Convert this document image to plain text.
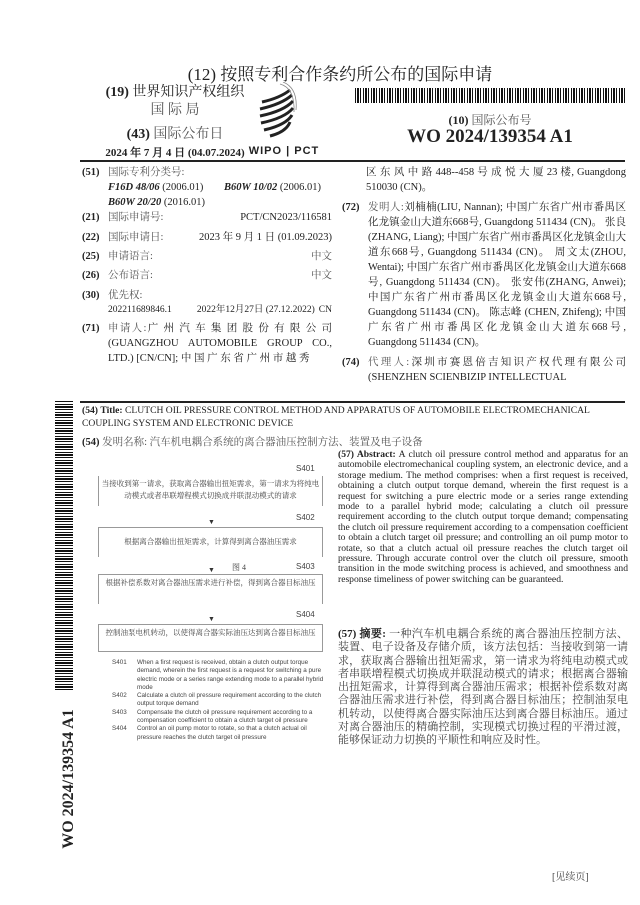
(12) 按照专利合作条约所公布的国际申请
(19) 世界知识产权组织
国 际 局
(43) 国际公布日
2024 年 7 月 4 日 (04.07.2024) WIPO | PCT
(10) 国际公布号
WO 2024/139354 A1
(51) 国际专利分类号:
F16D 48/06 (2006.01) B60W 10/02 (2006.01)
B60W 20/20 (2016.01)
(21) 国际申请号:	PCT/CN2023/116581
(22) 国际申请日:	2023 年 9 月 1 日 (01.09.2023)
(25) 申请语言:	中文
(26) 公布语言:	中文
(30) 优先权:

202211689846.1	2022年12月27日 (27.12.2022) CN
(71) 申请人:广 州 汽 车 集 团 股 份 有 限 公 司 (GUANGZHOU AUTOMOBILE GROUP CO., LTD.) [CN/CN]; 中 国 广 东 省 广 州 市 越 秀
区 东 风 中 路 448--458 号 成 悦 大 厦 23 楼, Guangdong 510030 (CN)。
(72) 发明人:刘楠楠(LIU, Nannan); 中国广东省广州市番禺区化龙镇金山大道东668号, Guangdong 511434 (CN)。 张良 (ZHANG, Liang); 中国广东省广州市番禺区化龙镇金山大道东668号, Guangdong 511434 (CN)。 周文太(ZHOU, Wentai); 中国广东省广州市番禺区化龙镇金山大道东668号, Guangdong 511434 (CN)。 张安伟(ZHANG, Anwei); 中国广东省广州市番禺区化龙镇金山大道东668号, Guangdong 511434 (CN)。 陈志峰 (CHEN, Zhifeng); 中国广东省广州市番禺区化龙镇金山大道东668号, Guangdong 511434 (CN)。
(74) 代理人:深圳市赛恩倍吉知识产权代理有限公司(SHENZHEN SCIENBIZIP INTELLECTUAL
WO 2024/139354 A1
(54) Title: CLUTCH OIL PRESSURE CONTROL METHOD AND APPARATUS OF AUTOMOBILE ELECTROMECHANICAL COUPLING SYSTEM AND ELECTRONIC DEVICE
(54) 发明名称: 汽车机电耦合系统的离合器油压控制方法、装置及电子设备
S401
当接收到第一请求，获取离合器输出扭矩需求，第一请求为将纯电动模式或者串联增程模式切换成并联混动模式的请求
▼	S402
根据离合器输出扭矩需求，计算得到离合器油压需求
图 4
▼	S403
根据补偿系数对离合器油压需求进行补偿，得到离合器目标油压
▼	S404
控制油泵电机转动，以使得离合器实际油压达到离合器目标油压
S401	When a first request is received, obtain a clutch output torque demand, wherein the first request is a request for switching a pure electric mode or a series range extending mode to a parallel hybrid mode
S402	Calculate a clutch oil pressure requirement according to the clutch output torque demand
S403	Compensate the clutch oil pressure requirement according to a compensation coefficient to obtain a clutch target oil pressure
S404	Control an oil pump motor to rotate, so that a clutch actual oil pressure reaches the clutch target oil pressure
(57) Abstract: A clutch oil pressure control method and apparatus for an automobile electromechanical coupling system, an electronic device, and a storage medium. The method comprises: when a first request is received, obtaining a clutch output torque demand, wherein the first request is a request for switching a pure electric mode or a series range extending mode to a parallel hybrid mode; calculating a clutch oil pressure requirement according to the clutch output torque demand; compensating the clutch oil pressure requirement according to a compensation coefficient to obtain a clutch target oil pressure; and controlling an oil pump motor to rotate, so that a clutch actual oil pressure reaches the clutch target oil pressure. Through accurate control over the clutch oil pressure, smooth transition in the mode switching process is achieved, and smoothness and response timeliness of power switching can be guaranteed.
(57) 摘要: 一种汽车机电耦合系统的离合器油压控制方法、装置、电子设备及存储介质，该方法包括：当接收到第一请求，获取离合器输出扭矩需求，第一请求为将纯电动模式或者串联增程模式切换成并联混动模式的请求；根据离合器输出扭矩需求，计算得到离合器油压需求；根据补偿系数对离合器油压需求进行补偿，得到离合器目标油压；控制油泵电机转动，以使得离合器实际油压达到离合器目标油压。通过对离合器油压的精确控制，实现模式切换过程的平滑过渡，能够保证动力切换的平顺性和响应及时性。
[见续页]
